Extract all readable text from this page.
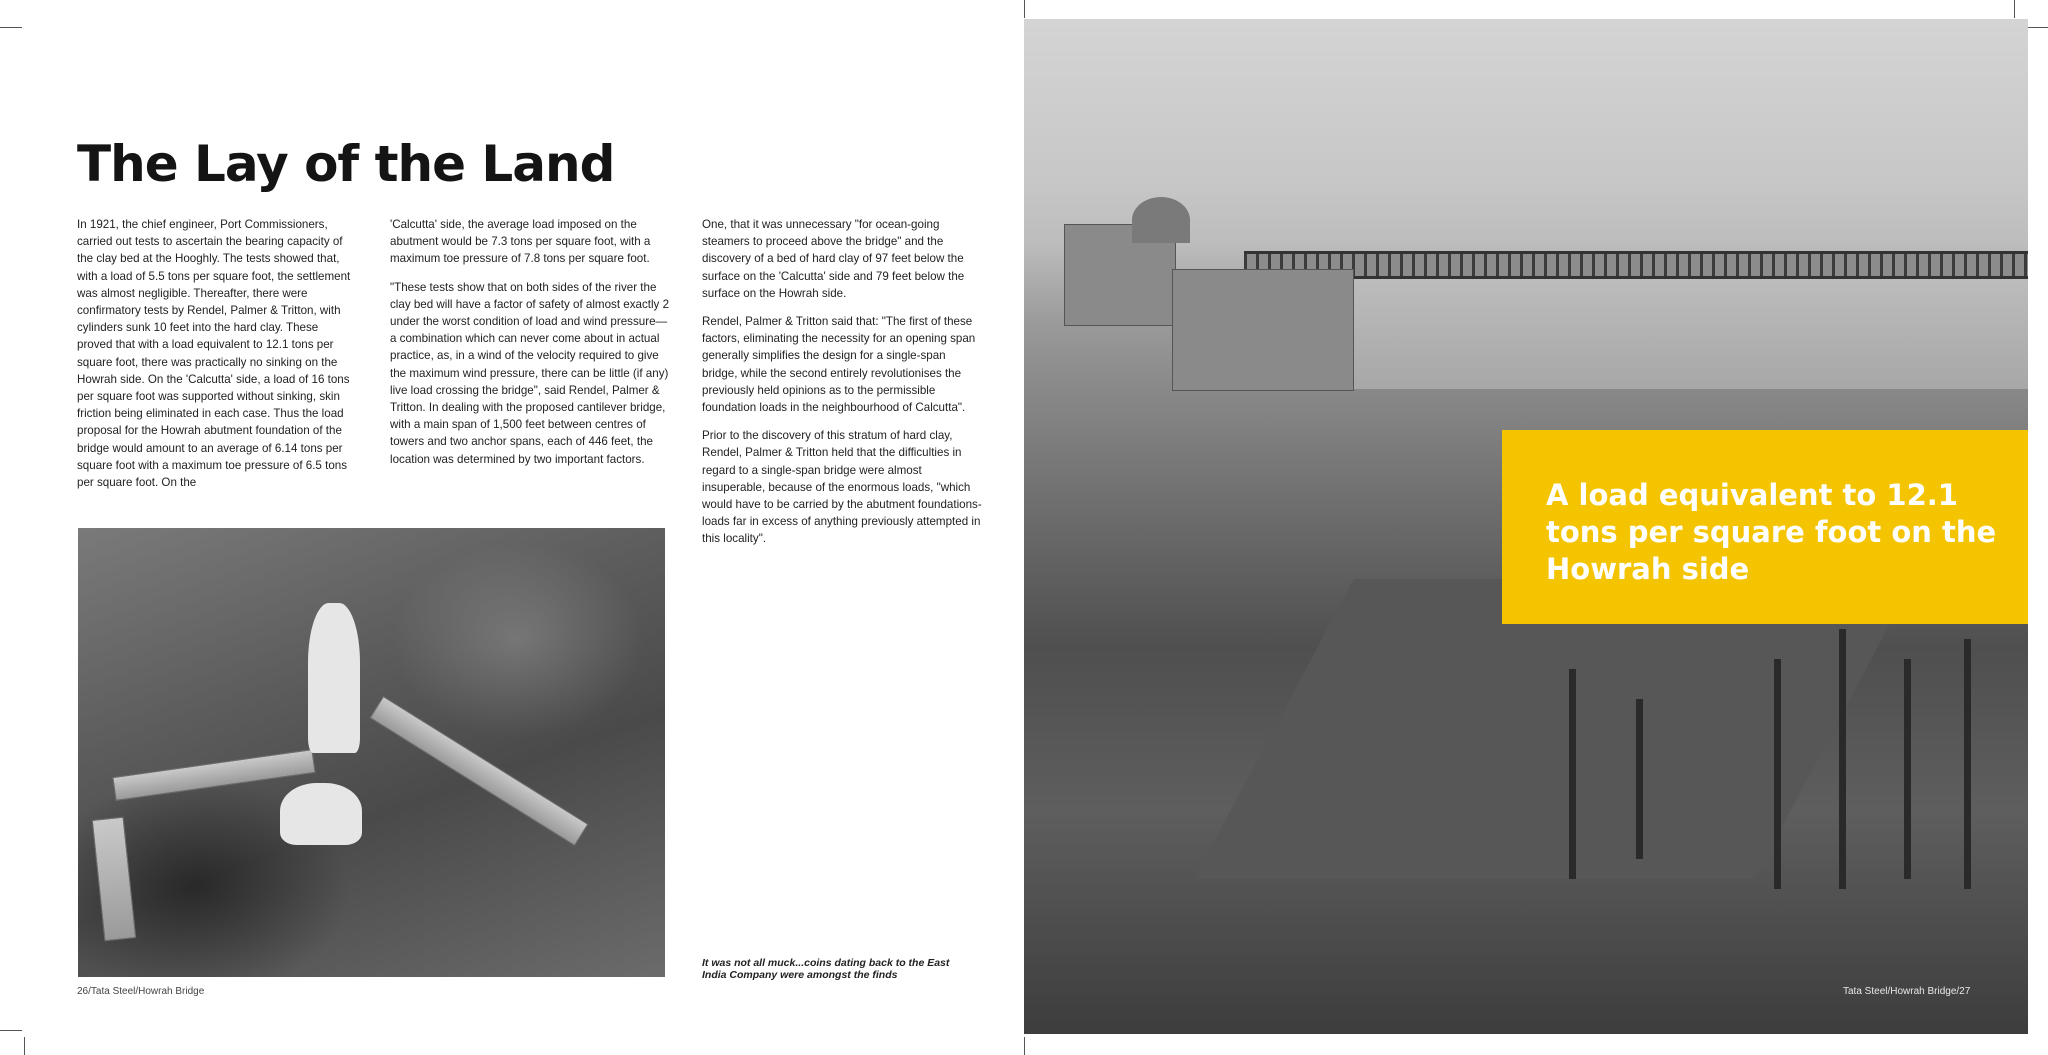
The Lay of the Land

In 1921, the chief engineer, Port Commissioners, carried out tests to ascertain the bearing capacity of the clay bed at the Hooghly. The tests showed that, with a load of 5.5 tons per square foot, the settlement was almost negligible. Thereafter, there were confirmatory tests by Rendel, Palmer & Tritton, with cylinders sunk 10 feet into the hard clay. These proved that with a load equivalent to 12.1 tons per square foot, there was practically no sinking on the Howrah side. On the 'Calcutta' side, a load of 16 tons per square foot was supported without sinking, skin friction being eliminated in each case. Thus the load proposal for the Howrah abutment foundation of the bridge would amount to an average of 6.14 tons per square foot with a maximum toe pressure of 6.5 tons per square foot. On the

'Calcutta' side, the average load imposed on the abutment would be 7.3 tons per square foot, with a maximum toe pressure of 7.8 tons per square foot.

"These tests show that on both sides of the river the clay bed will have a factor of safety of almost exactly 2 under the worst condition of load and wind pressure—a combination which can never come about in actual practice, as, in a wind of the velocity required to give the maximum wind pressure, there can be little (if any) live load crossing the bridge", said Rendel, Palmer & Tritton. In dealing with the proposed cantilever bridge, with a main span of 1,500 feet between centres of towers and two anchor spans, each of 446 feet, the location was determined by two important factors.

One, that it was unnecessary "for ocean-going steamers to proceed above the bridge" and the discovery of a bed of hard clay of 97 feet below the surface on the 'Calcutta' side and 79 feet below the surface on the Howrah side.

Rendel, Palmer & Tritton said that: "The first of these factors, eliminating the necessity for an opening span generally simplifies the design for a single-span bridge, while the second entirely revolutionises the previously held opinions as to the permissible foundation loads in the neighbourhood of Calcutta".

Prior to the discovery of this stratum of hard clay, Rendel, Palmer & Tritton held that the difficulties in regard to a single-span bridge were almost insuperable, because of the enormous loads, "which would have to be carried by the abutment foundations-loads far in excess of anything previously attempted in this locality".

It was not all muck...coins dating back to the East India Company were amongst the finds
26/Tata Steel/Howrah Bridge

A load equivalent to 12.1 tons per square foot on the Howrah side

Tata Steel/Howrah Bridge/27
